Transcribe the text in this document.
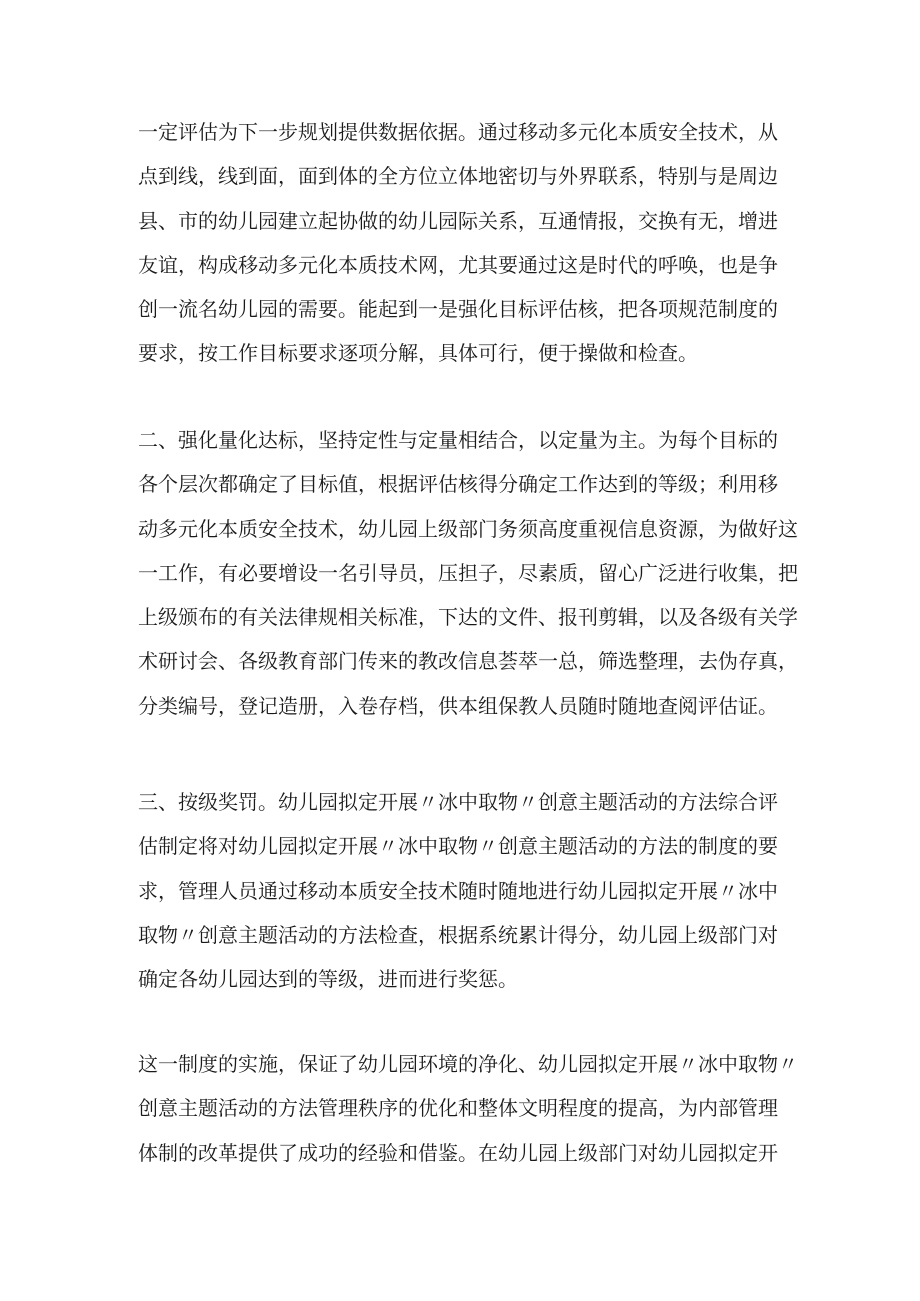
一定评估为下一步规划提供数据依据。通过移动多元化本质安全技术，从
点到线，线到面，面到体的全方位立体地密切与外界联系，特别与是周边
县、市的幼儿园建立起协做的幼儿园际关系，互通情报，交换有无，增进
友谊，构成移动多元化本质技术网，尤其要通过这是时代的呼唤，也是争
创一流名幼儿园的需要。能起到一是强化目标评估核，把各项规范制度的
要求，按工作目标要求逐项分解，具体可行，便于操做和检查。

二、强化量化达标，坚持定性与定量相结合，以定量为主。为每个目标的
各个层次都确定了目标值，根据评估核得分确定工作达到的等级；利用移
动多元化本质安全技术，幼儿园上级部门务须高度重视信息资源，为做好这
一工作，有必要增设一名引导员，压担子，尽素质，留心广泛进行收集，把
上级颁布的有关法律规相关标准，下达的文件、报刊剪辑，以及各级有关学
术研讨会、各级教育部门传来的教改信息荟萃一总，筛选整理，去伪存真，
分类编号，登记造册，入卷存档，供本组保教人员随时随地查阅评估证。

三、按级奖罚。幼儿园拟定开展〃冰中取物〃创意主题活动的方法综合评
估制定将对幼儿园拟定开展〃冰中取物〃创意主题活动的方法的制度的要
求，管理人员通过移动本质安全技术随时随地进行幼儿园拟定开展〃冰中
取物〃创意主题活动的方法检查，根据系统累计得分，幼儿园上级部门对
确定各幼儿园达到的等级，进而进行奖惩。

这一制度的实施，保证了幼儿园环境的净化、幼儿园拟定开展〃冰中取物〃
创意主题活动的方法管理秩序的优化和整体文明程度的提高，为内部管理
体制的改革提供了成功的经验和借鉴。在幼儿园上级部门对幼儿园拟定开
